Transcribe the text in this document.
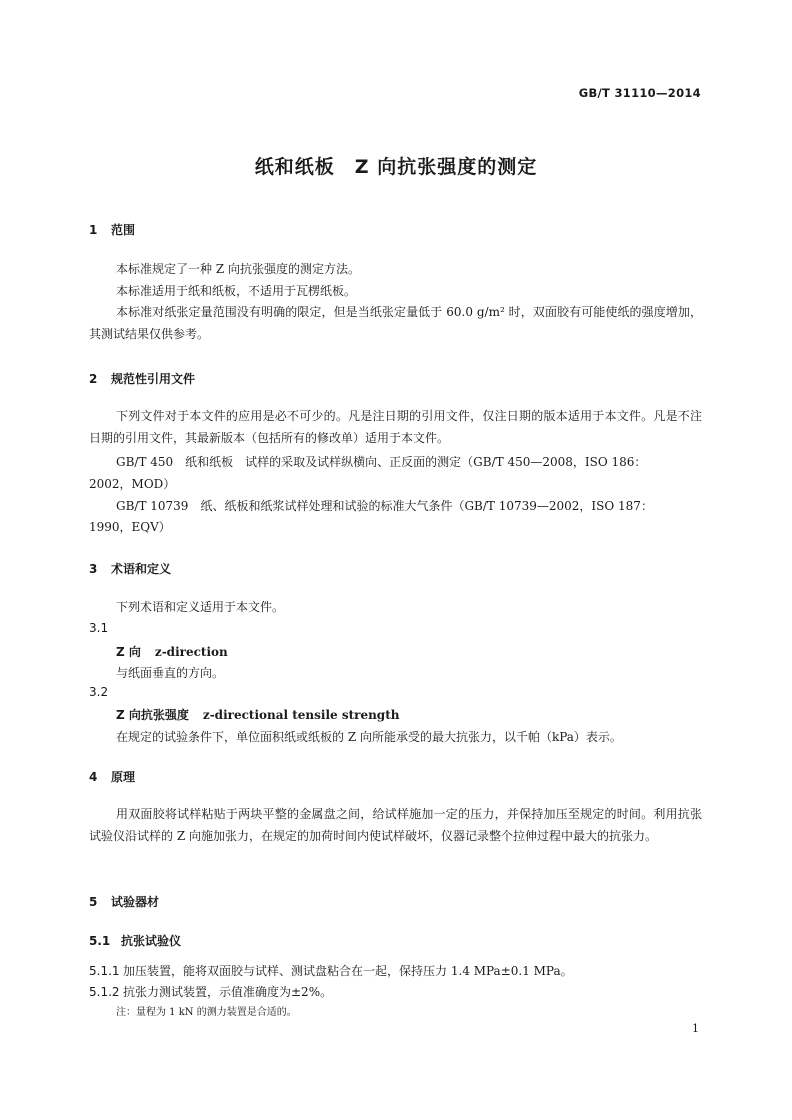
GB/T 31110—2014
纸和纸板　Z 向抗张强度的测定
1 范围
本标准规定了一种 Z 向抗张强度的测定方法。
本标准适用于纸和纸板，不适用于瓦楞纸板。
本标准对纸张定量范围没有明确的限定，但是当纸张定量低于 60.0 g/m² 时，双面胶有可能使纸的强度增加，其测试结果仅供参考。
2 规范性引用文件
下列文件对于本文件的应用是必不可少的。凡是注日期的引用文件，仅注日期的版本适用于本文件。凡是不注日期的引用文件，其最新版本（包括所有的修改单）适用于本文件。
GB/T 450　纸和纸板　试样的采取及试样纵横向、正反面的测定（GB/T 450—2008，ISO 186：
2002，MOD）
GB/T 10739　纸、纸板和纸浆试样处理和试验的标准大气条件（GB/T 10739—2002，ISO 187：
1990，EQV）
3 术语和定义
下列术语和定义适用于本文件。
3.1
Z 向 z-direction
与纸面垂直的方向。
3.2
Z 向抗张强度 z-directional tensile strength
在规定的试验条件下，单位面积纸或纸板的 Z 向所能承受的最大抗张力，以千帕（kPa）表示。
4 原理
用双面胶将试样粘贴于两块平整的金属盘之间，给试样施加一定的压力，并保持加压至规定的时间。利用抗张试验仪沿试样的 Z 向施加张力，在规定的加荷时间内使试样破坏，仪器记录整个拉伸过程中最大的抗张力。
5 试验器材
5.1 抗张试验仪
5.1.1 加压装置，能将双面胶与试样、测试盘粘合在一起，保持压力 1.4 MPa±0.1 MPa。
5.1.2 抗张力测试装置，示值准确度为±2%。
注：量程为 1 kN 的测力装置是合适的。
1
